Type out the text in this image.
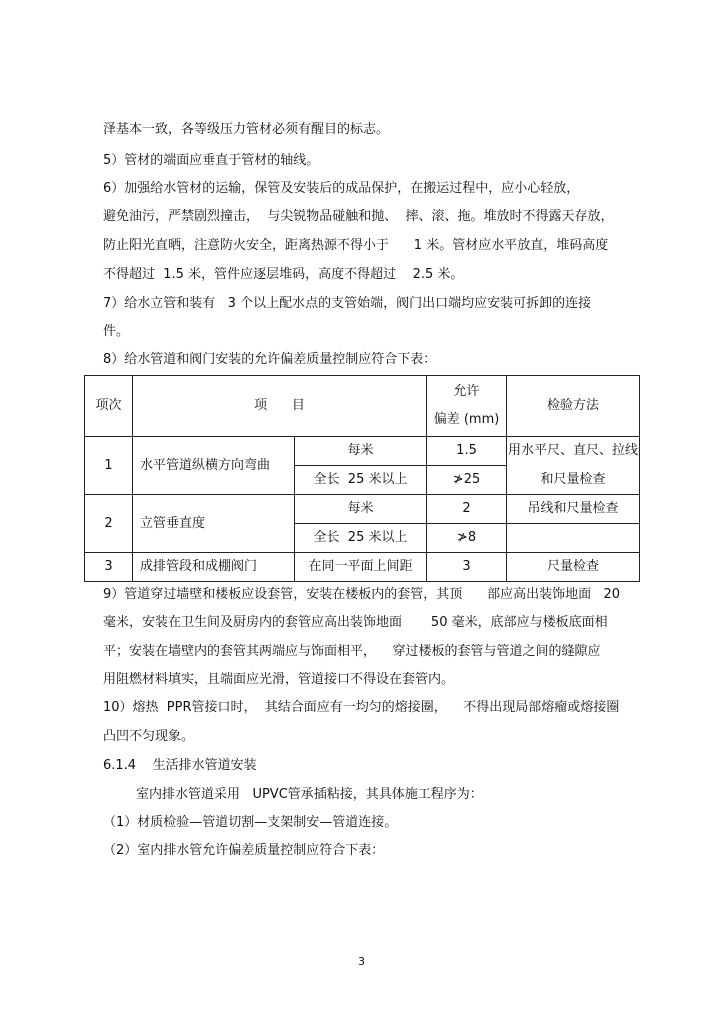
泽基本一致，各等级压力管材必须有醒目的标志。
5）管材的端面应垂直于管材的轴线。
6）加强给水管材的运输，保管及安装后的成品保护，在搬运过程中，应小心轻放，
避免油污，严禁剧烈撞击，  与尖锐物品碰触和抛、  摔、滚、拖。堆放时不得露天存放，
防止阳光直晒，注意防火安全，距离热源不得小于      1 米。管材应水平放直，堆码高度
不得超过  1.5 米，管件应逐层堆码，高度不得超过    2.5 米。
7）给水立管和装有   3 个以上配水点的支管始端，阀门出口端均应安装可拆卸的连接
件。
8）给水管道和阀门安装的允许偏差质量控制应符合下表：
项次	项      目		允许
偏差 (mm)	检验方法
1	水平管道纵横方向弯曲	每米	1.5	用水平尺、直尺、拉线
和尺量检查

		全长  25 米以上	≯25	
2	立管垂直度	每米	2	吊线和尺量检查
		全长  25 米以上	≯8	
3	成排管段和成棚阀门	在同一平面上间距	3	尺量检查
9）管道穿过墙壁和楼板应设套管，安装在楼板内的套管，其顶      部应高出装饰地面   20
毫米，安装在卫生间及厨房内的套管应高出装饰地面       50 毫米，底部应与楼板底面相
平；安装在墙壁内的套管其两端应与饰面相平，    穿过楼板的套管与管道之间的缝隙应
用阻燃材料填实，且端面应光滑，管道接口不得设在套管内。
10）熔热  PPR管接口时，  其结合面应有一均匀的熔接圈，    不得出现局部熔瘤或熔接圈
凸凹不匀现象。
6.1.4    生活排水管道安装
室内排水管道采用   UPVC管承插粘接，其具体施工程序为：
（1）材质检验—管道切割—支架制安—管道连接。
（2）室内排水管允许偏差质量控制应符合下表：
3
